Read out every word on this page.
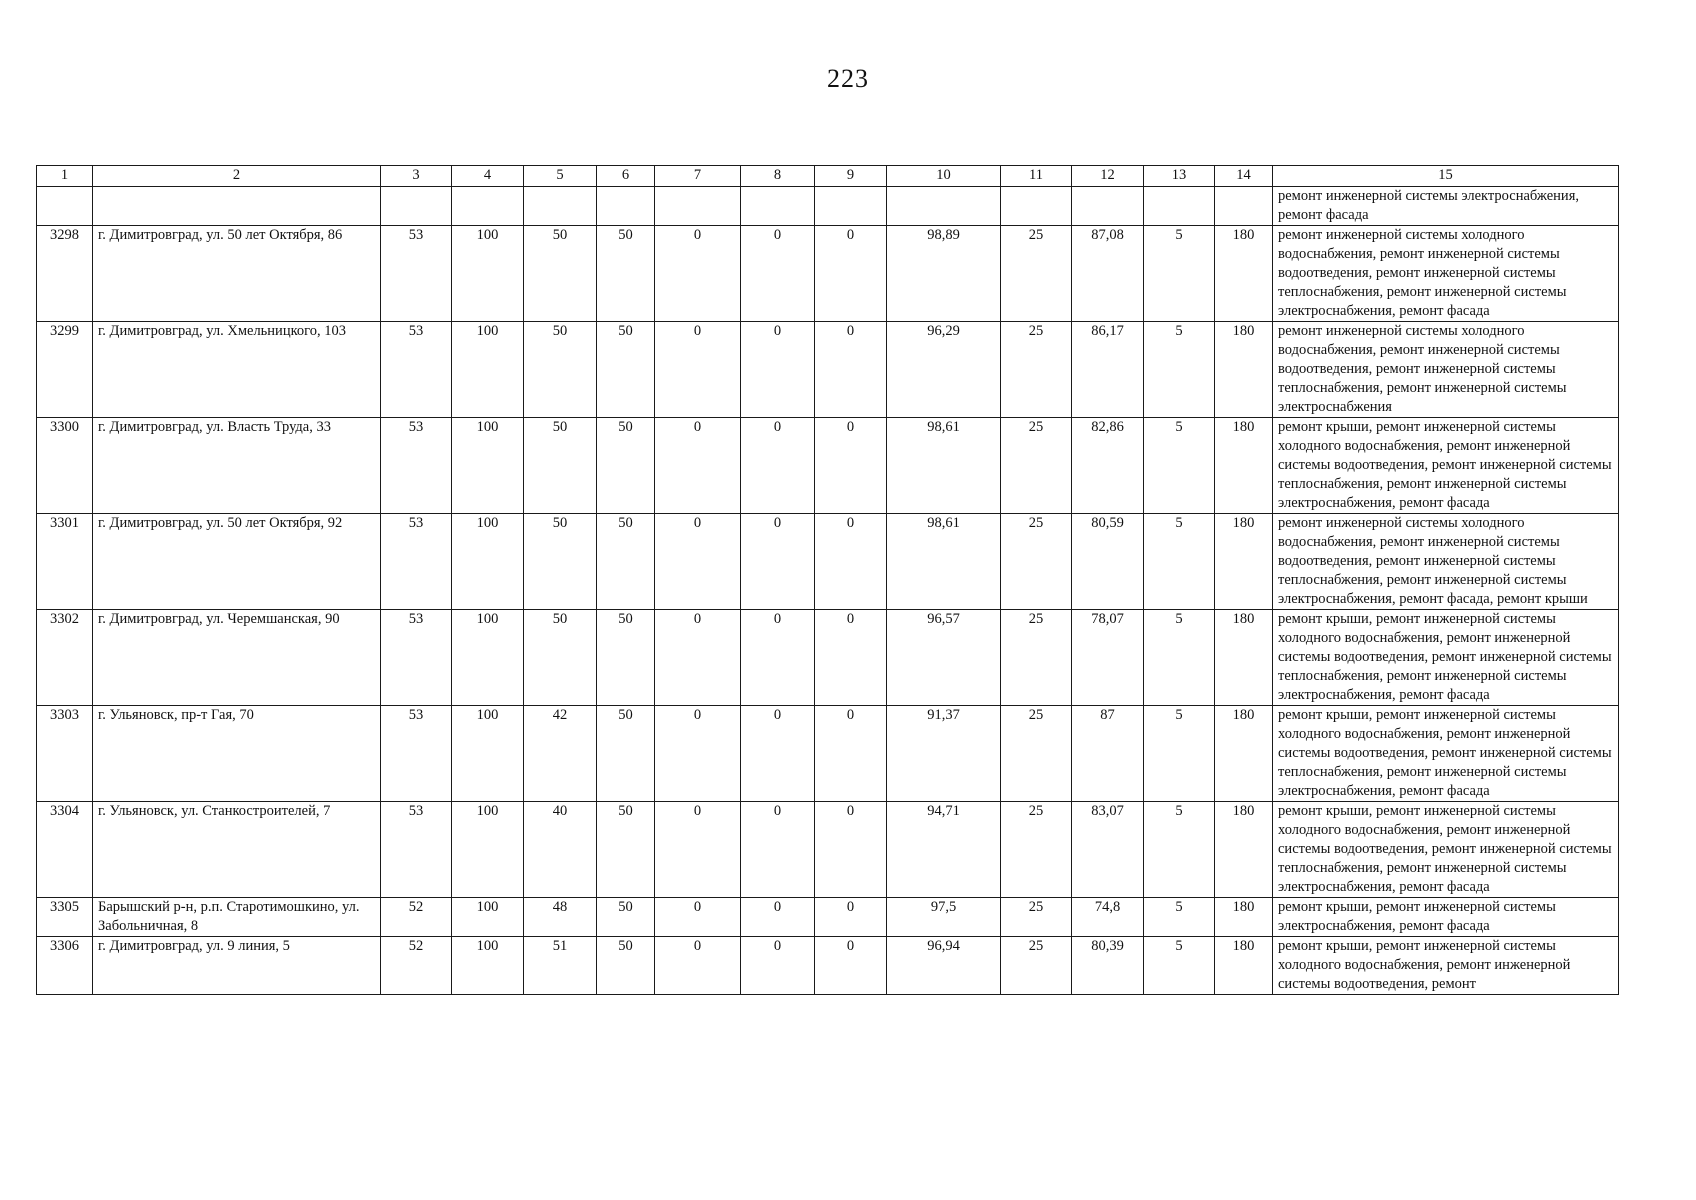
223
1	2	3	4	5	6	7	8	9	10	11	12	13	14	15
														ремонт инженерной системы электроснабжения, ремонт фасада
3298	г. Димитровград, ул. 50 лет Октября, 86	53	100	50	50	0	0	0	98,89	25	87,08	5	180	ремонт инженерной системы холодного водоснабжения, ремонт инженерной системы водоотведения, ремонт инженерной системы теплоснабжения, ремонт инженерной системы электроснабжения, ремонт фасада
3299	г. Димитровград, ул. Хмельницкого, 103	53	100	50	50	0	0	0	96,29	25	86,17	5	180	ремонт инженерной системы холодного водоснабжения, ремонт инженерной системы водоотведения, ремонт инженерной системы теплоснабжения, ремонт инженерной системы электроснабжения
3300	г. Димитровград, ул. Власть Труда, 33	53	100	50	50	0	0	0	98,61	25	82,86	5	180	ремонт крыши, ремонт инженерной системы холодного водоснабжения, ремонт инженерной системы водоотведения, ремонт инженерной системы теплоснабжения, ремонт инженерной системы электроснабжения, ремонт фасада
3301	г. Димитровград, ул. 50 лет Октября, 92	53	100	50	50	0	0	0	98,61	25	80,59	5	180	ремонт инженерной системы холодного водоснабжения, ремонт инженерной системы водоотведения, ремонт инженерной системы теплоснабжения, ремонт инженерной системы электроснабжения, ремонт фасада, ремонт крыши
3302	г. Димитровград, ул. Черемшанская, 90	53	100	50	50	0	0	0	96,57	25	78,07	5	180	ремонт крыши, ремонт инженерной системы холодного водоснабжения, ремонт инженерной системы водоотведения, ремонт инженерной системы теплоснабжения, ремонт инженерной системы электроснабжения, ремонт фасада
3303	г. Ульяновск, пр-т Гая, 70	53	100	42	50	0	0	0	91,37	25	87	5	180	ремонт крыши, ремонт инженерной системы холодного водоснабжения, ремонт инженерной системы водоотведения, ремонт инженерной системы теплоснабжения, ремонт инженерной системы электроснабжения, ремонт фасада
3304	г. Ульяновск, ул. Станкостроителей, 7	53	100	40	50	0	0	0	94,71	25	83,07	5	180	ремонт крыши, ремонт инженерной системы холодного водоснабжения, ремонт инженерной системы водоотведения, ремонт инженерной системы теплоснабжения, ремонт инженерной системы электроснабжения, ремонт фасада
3305	Барышский р-н, р.п. Старотимошкино, ул. Забольничная, 8	52	100	48	50	0	0	0	97,5	25	74,8	5	180	ремонт крыши, ремонт инженерной системы электроснабжения, ремонт фасада
3306	г. Димитровград, ул. 9 линия, 5	52	100	51	50	0	0	0	96,94	25	80,39	5	180	ремонт крыши, ремонт инженерной системы холодного водоснабжения, ремонт инженерной системы водоотведения, ремонт
